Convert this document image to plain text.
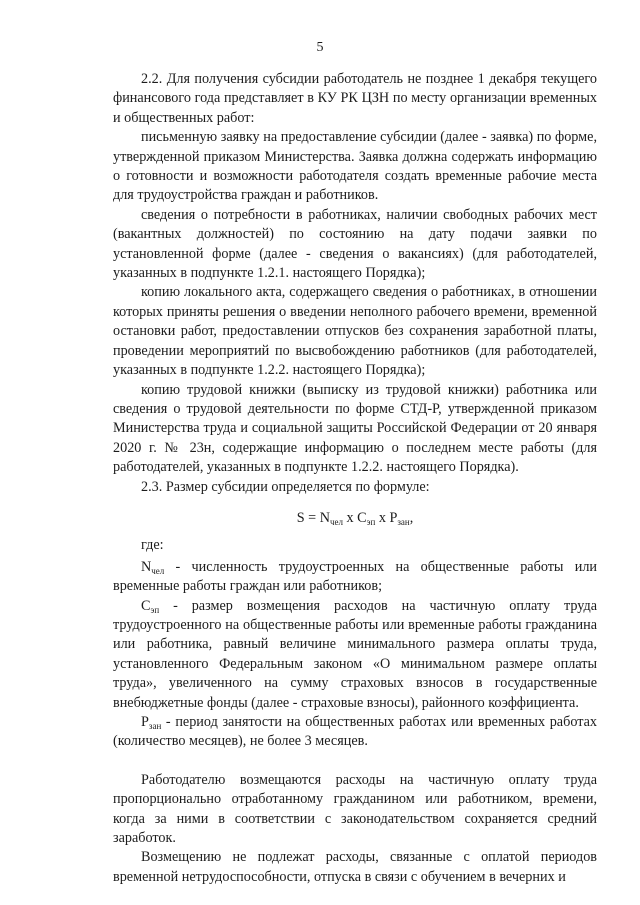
5

2.2. Для получения субсидии работодатель не позднее 1 декабря текущего финансового года представляет в КУ РК ЦЗН по месту организации временных и общественных работ:

письменную заявку на предоставление субсидии (далее - заявка) по форме, утвержденной приказом Министерства. Заявка должна содержать информацию о готовности и возможности работодателя создать временные рабочие места для трудоустройства граждан и работников.

сведения о потребности в работниках, наличии свободных рабочих мест (вакантных должностей) по состоянию на дату подачи заявки по установленной форме (далее - сведения о вакансиях) (для работодателей, указанных в подпункте 1.2.1. настоящего Порядка);

копию локального акта, содержащего сведения о работниках, в отношении которых приняты решения о введении неполного рабочего времени, временной остановки работ, предоставлении отпусков без сохранения заработной платы, проведении мероприятий по высвобождению работников (для работодателей, указанных в подпункте 1.2.2. настоящего Порядка);

копию трудовой книжки (выписку из трудовой книжки) работника или сведения о трудовой деятельности по форме СТД-Р, утвержденной приказом Министерства труда и социальной защиты Российской Федерации от 20 января 2020 г. № 23н, содержащие информацию о последнем месте работы (для работодателей, указанных в подпункте 1.2.2. настоящего Порядка).

2.3. Размер субсидии определяется по формуле:

$S = N_{чел}$ x $C_{эп}$ x $P_{зан}$,

где:

$N_{чел}$ - численность трудоустроенных на общественные работы или временные работы граждан или работников;

$C_{эп}$ - размер возмещения расходов на частичную оплату труда трудоустроенного на общественные работы или временные работы гражданина или работника, равный величине минимального размера оплаты труда, установленного Федеральным законом «О минимальном размере оплаты труда», увеличенного на сумму страховых взносов в государственные внебюджетные фонды (далее - страховые взносы), районного коэффициента.

$P_{зан}$ - период занятости на общественных работах или временных работах (количество месяцев), не более 3 месяцев.

Работодателю возмещаются расходы на частичную оплату труда пропорционально отработанному гражданином или работником, времени, когда за ними в соответствии с законодательством сохраняется средний заработок.

Возмещению не подлежат расходы, связанные с оплатой периодов временной нетрудоспособности, отпуска в связи с обучением в вечерних и
